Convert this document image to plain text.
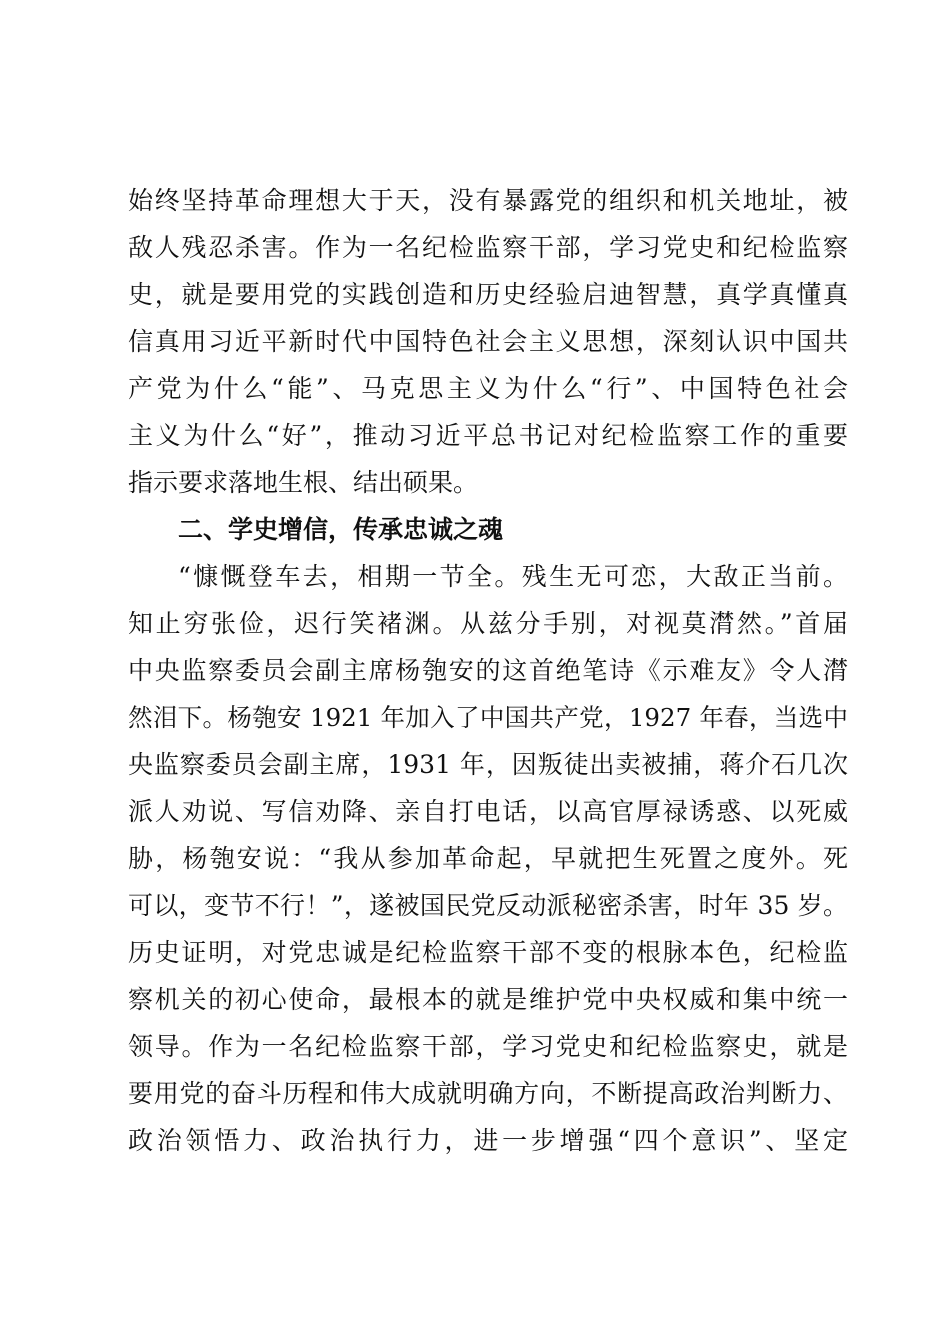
始终坚持革命理想大于天，没有暴露党的组织和机关地址，被
敌人残忍杀害。作为一名纪检监察干部，学习党史和纪检监察
史，就是要用党的实践创造和历史经验启迪智慧，真学真懂真
信真用习近平新时代中国特色社会主义思想，深刻认识中国共
产党为什么“能”、马克思主义为什么“行”、中国特色社会
主义为什么“好”，推动习近平总书记对纪检监察工作的重要
指示要求落地生根、结出硕果。
二、学史增信，传承忠诚之魂
“慷慨登车去，相期一节全。残生无可恋，大敌正当前。
知止穷张俭，迟行笑褚渊。从兹分手别，对视莫潸然。”首届
中央监察委员会副主席杨匏安的这首绝笔诗《示难友》令人潸
然泪下。杨匏安 1921 年加入了中国共产党，1927 年春，当选中
央监察委员会副主席，1931 年，因叛徒出卖被捕，蒋介石几次
派人劝说、写信劝降、亲自打电话，以高官厚禄诱惑、以死威
胁，杨匏安说：“我从参加革命起，早就把生死置之度外。死
可以，变节不行！”，遂被国民党反动派秘密杀害，时年 35 岁。
历史证明，对党忠诚是纪检监察干部不变的根脉本色，纪检监
察机关的初心使命，最根本的就是维护党中央权威和集中统一
领导。作为一名纪检监察干部，学习党史和纪检监察史，就是
要用党的奋斗历程和伟大成就明确方向，不断提高政治判断力、
政治领悟力、政治执行力，进一步增强“四个意识”、坚定
